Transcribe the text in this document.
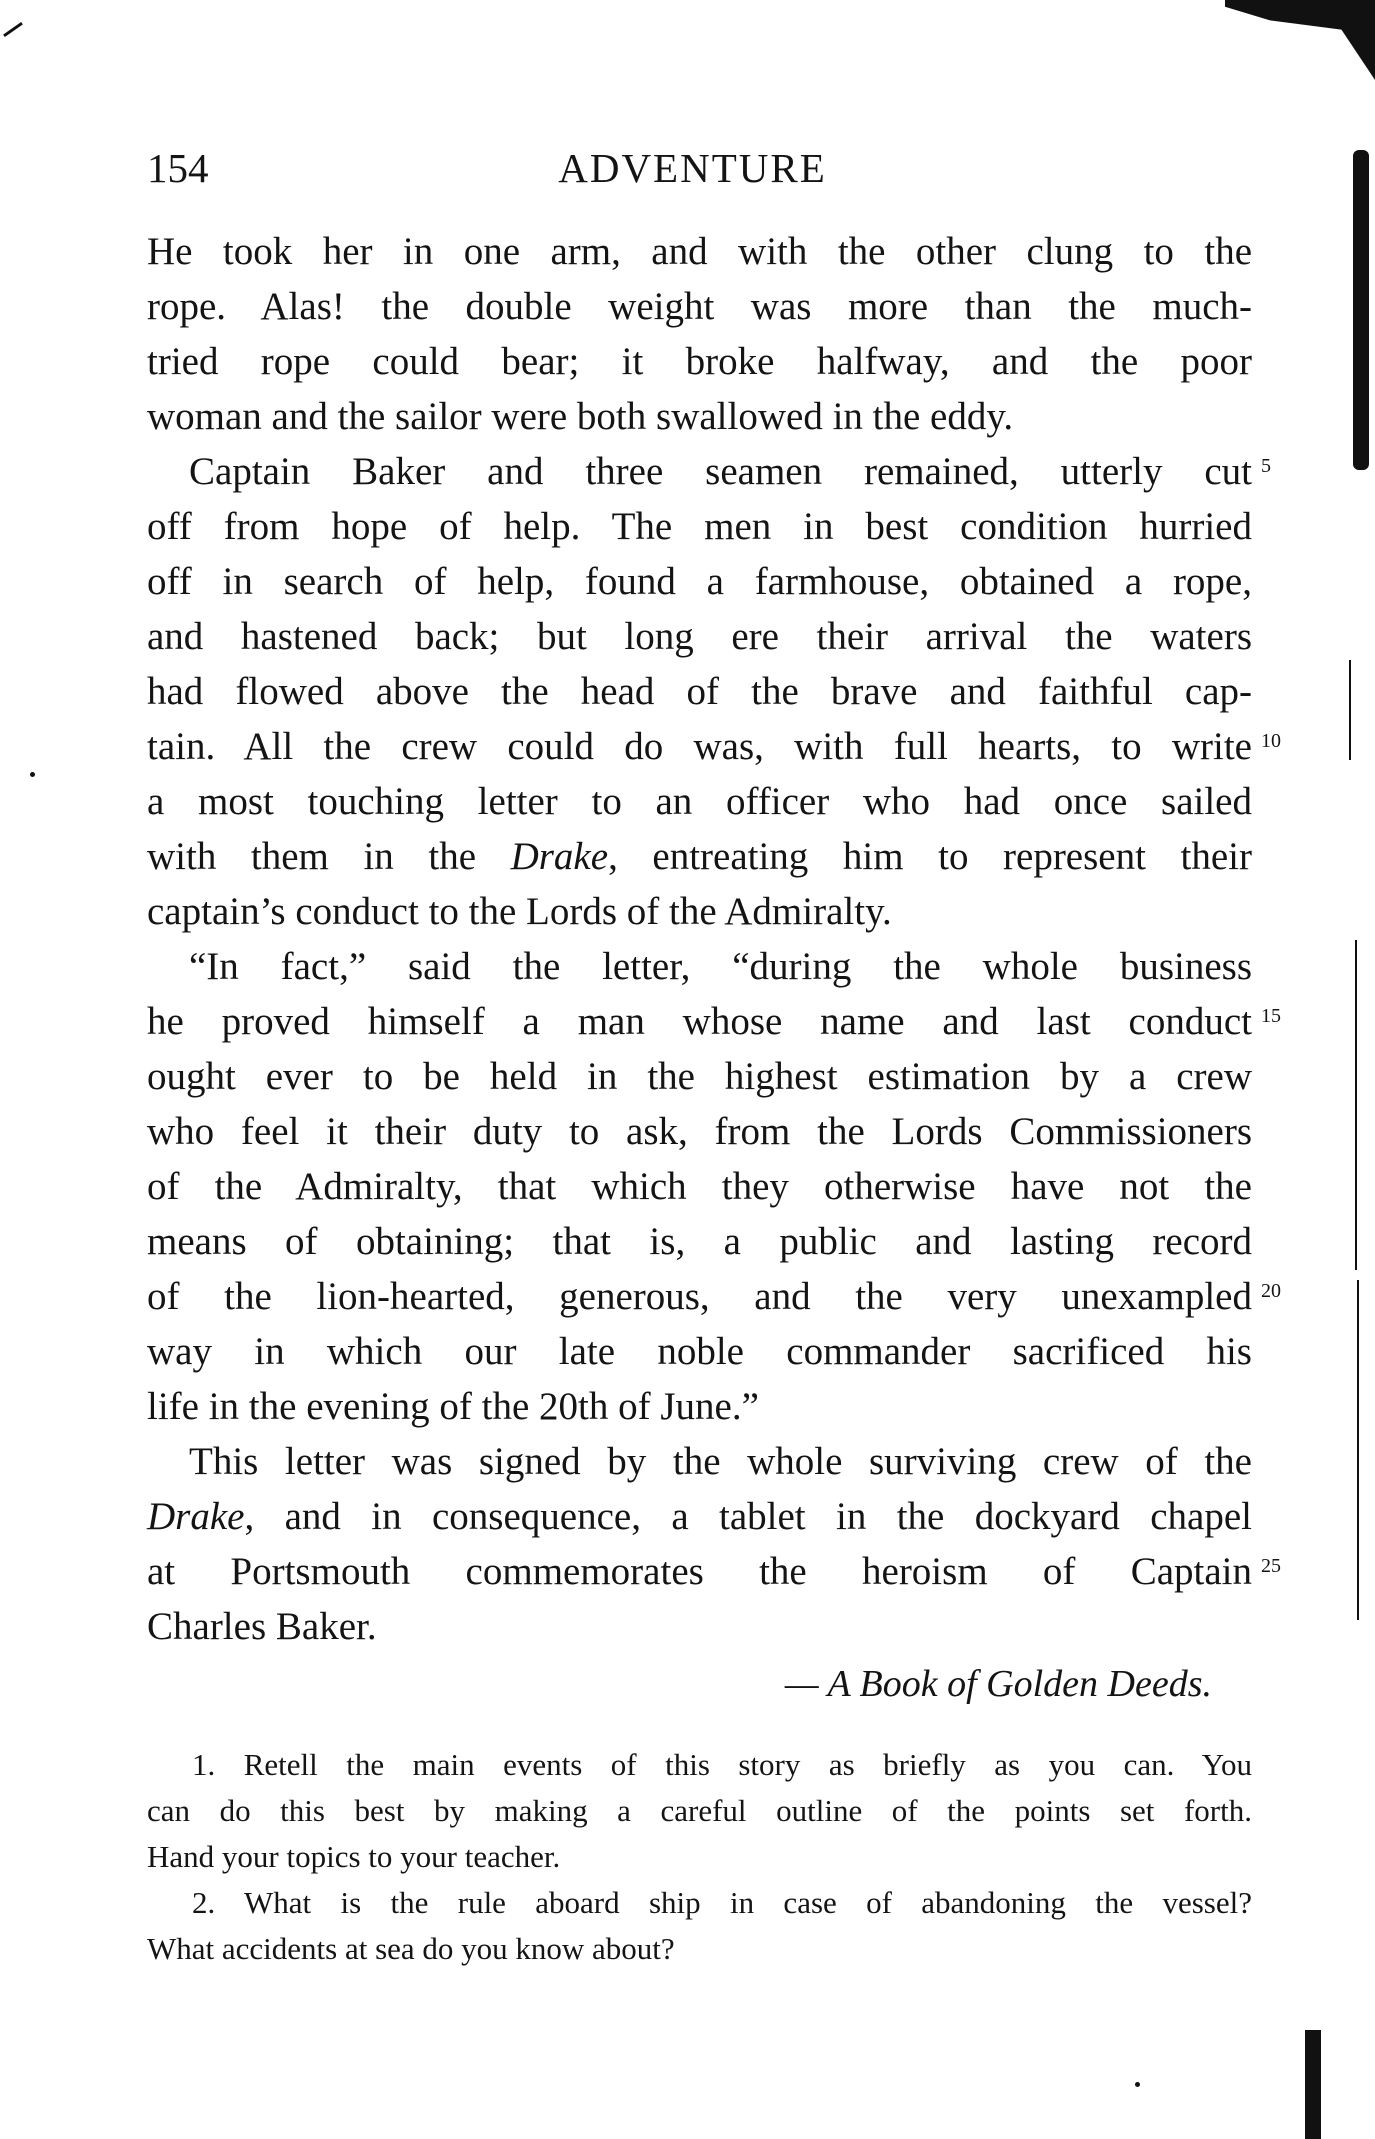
154	ADVENTURE
He took her in one arm, and with the other clung to the
rope. Alas! the double weight was more than the much-
tried rope could bear; it broke halfway, and the poor
woman and the sailor were both swallowed in the eddy.
Captain Baker and three seamen remained, utterly cut 5
off from hope of help. The men in best condition hurried
off in search of help, found a farmhouse, obtained a rope,
and hastened back; but long ere their arrival the waters
had flowed above the head of the brave and faithful cap-
tain. All the crew could do was, with full hearts, to write 10
a most touching letter to an officer who had once sailed
with them in the Drake, entreating him to represent their
captain’s conduct to the Lords of the Admiralty.
“In fact,” said the letter, “during the whole business
he proved himself a man whose name and last conduct 15
ought ever to be held in the highest estimation by a crew
who feel it their duty to ask, from the Lords Commissioners
of the Admiralty, that which they otherwise have not the
means of obtaining; that is, a public and lasting record
of the lion-hearted, generous, and the very unexampled 20
way in which our late noble commander sacrificed his
life in the evening of the 20th of June.”
This letter was signed by the whole surviving crew of the
Drake, and in consequence, a tablet in the dockyard chapel
at Portsmouth commemorates the heroism of Captain 25
Charles Baker.
— A Book of Golden Deeds.
1. Retell the main events of this story as briefly as you can. You
can do this best by making a careful outline of the points set forth.
Hand your topics to your teacher.
2. What is the rule aboard ship in case of abandoning the vessel?
What accidents at sea do you know about?
